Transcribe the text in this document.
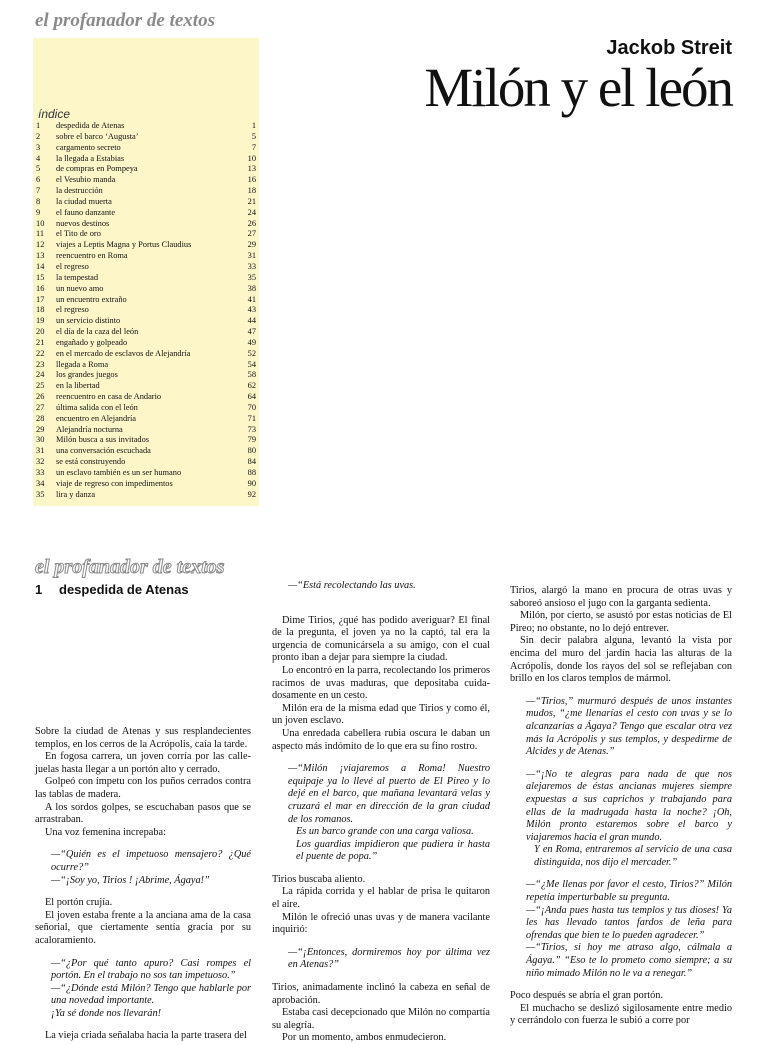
el profanador de textos
índice
1	despedida de Atenas	1
2	sobre el barco ‘Augusta’	5
3	cargamento secreto	7
4	la llegada a Estabias	10
5	de compras en Pompeya	13
6	el Vesubio manda	16
7	la destrucción	18
8	la ciudad muerta	21
9	el fauno danzante	24
10	nuevos destinos	26
11	el Tito de oro	27
12	viajes a Leptis Magna y Portus Claudius	29
13	reencuentro en Roma	31
14	el regreso	33
15	la tempestad	35
16	un nuevo amo	38
17	un encuentro extraño	41
18	el regreso	43
19	un servicio distinto	44
20	el día de la caza del león	47
21	engañado y golpeado	49
22	en el mercado de esclavos de Alejandría	52
23	llegada a Roma	54
24	los grandes juegos	58
25	en la libertad	62
26	reencuentro en casa de Andario	64
27	última salida con el león	70
28	encuentro en Alejandría	71
29	Alejandría nocturna	73
30	Milón busca a sus invitados	79
31	una conversación escuchada	80
32	se está construyendo	84
33	un esclavo también es un ser humano	88
34	viaje de regreso con impedimentos	90
35	lira y danza	92
Jackob Streit
Milón y el león
el profanador de textos
1 despedida de Atenas

Sobre la ciudad de Atenas y sus resplandecientes templos, en los cerros de la Acrópolis, caía la tarde.

En fogosa carrera, un joven corría por las callejuelas hasta llegar a un portón alto y cerrado.

Golpeó con ímpetu con los puños cerrados contra las tablas de madera.

A los sordos golpes, se escuchaban pasos que se arrastraban.

Una voz femenina increpaba:

—“Quién es el impetuoso mensajero? ¿Qué ocurre?”

—“¡Soy yo, Tirios ! ¡Abrime, Ágaya!”

El portón crujía.

El joven estaba frente a la anciana ama de la casa señorial, que ciertamente sentía gracia por su acaloramiento.

—“¿Por qué tanto apuro? Casi rompes el portón. En el trabajo no sos tan impetuoso.”

—“¿Dónde está Milón? Tengo que hablarle por una novedad importante.

¡Ya sé donde nos llevarán!

La vieja criada señalaba hacia la parte trasera del

—“Está recolectando las uvas.

Dime Tirios, ¿qué has podido averiguar? El final de la pregunta, el joven ya no la captó, tal era la urgencia de comunicársela a su amigo, con el cual pronto iban a dejar para siempre la ciudad.

Lo encontró en la parra, recolectando los primeros racimos de uvas maduras, que depositaba cuidadosamente en un cesto.

Milón era de la misma edad que Tirios y como él, un joven esclavo.

Una enredada cabellera rubia oscura le daban un aspecto más indómito de lo que era su fino rostro.

—“Milón ¡viajaremos a Roma! Nuestro equipaje ya lo llevé al puerto de El Pireo y lo dejé en el barco, que mañana levantará velas y cruzará el mar en dirección de la gran ciudad de los romanos.

Es un barco grande con una carga valiosa.

Los guardias impidieron que pudiera ir hasta el puente de popa.”

Tirios buscaba aliento.

La rápida corrida y el hablar de prisa le quitaron el aire.

Milón le ofreció unas uvas y de manera vacilante inquirió:

—“¡Entonces, dormiremos hoy por última vez en Atenas?”

Tirios, animadamente inclinó la cabeza en señal de aprobación.

Estaba casi decepcionado que Milón no compartía su alegría.

Por un momento, ambos enmudecieron.

Tirios, alargó la mano en procura de otras uvas y saboreó ansioso el jugo con la garganta sedienta.

Milón, por cierto, se asustó por estas noticias de El Pireo; no obstante, no lo dejó entrever.

Sin decir palabra alguna, levantó la vista por encima del muro del jardín hacia las alturas de la Acrópolis, donde los rayos del sol se reflejaban con brillo en los claros templos de mármol.

—“Tirios,” murmuró después de unos instantes mudos, “¿me llenarías el cesto con uvas y se lo alcanzarías a Ágaya? Tengo que escalar otra vez más la Acrópolis y sus templos, y despedirme de Alcides y de Atenas.”

—“¡No te alegras para nada de que nos alejaremos de éstas ancianas mujeres siempre expuestas a sus caprichos y trabajando para ellas de la madrugada hasta la noche? ¡Oh, Milón pronto estaremos sobre el barco y viajaremos hacia el gran mundo.

Y en Roma, entraremos al servicio de una casa distinguida, nos dijo el mercader.”

—“¿Me llenas por favor el cesto, Tirios?” Milón repetía imperturbable su pregunta.

—“¡Anda pues hasta tus templos y tus dioses! Ya les has llevado tantos fardos de leña para ofrendas que bien te lo pueden agradecer.”

—“Tirios, si hoy me atraso algo, cálmala a Ágaya.” “Eso te lo prometo como siempre; a su niño mimado Milón no le va a renegar.”

Poco después se abría el gran portón.

El muchacho se deslizó sigilosamente entre medio y cerrándolo con fuerza le subió a corre por
